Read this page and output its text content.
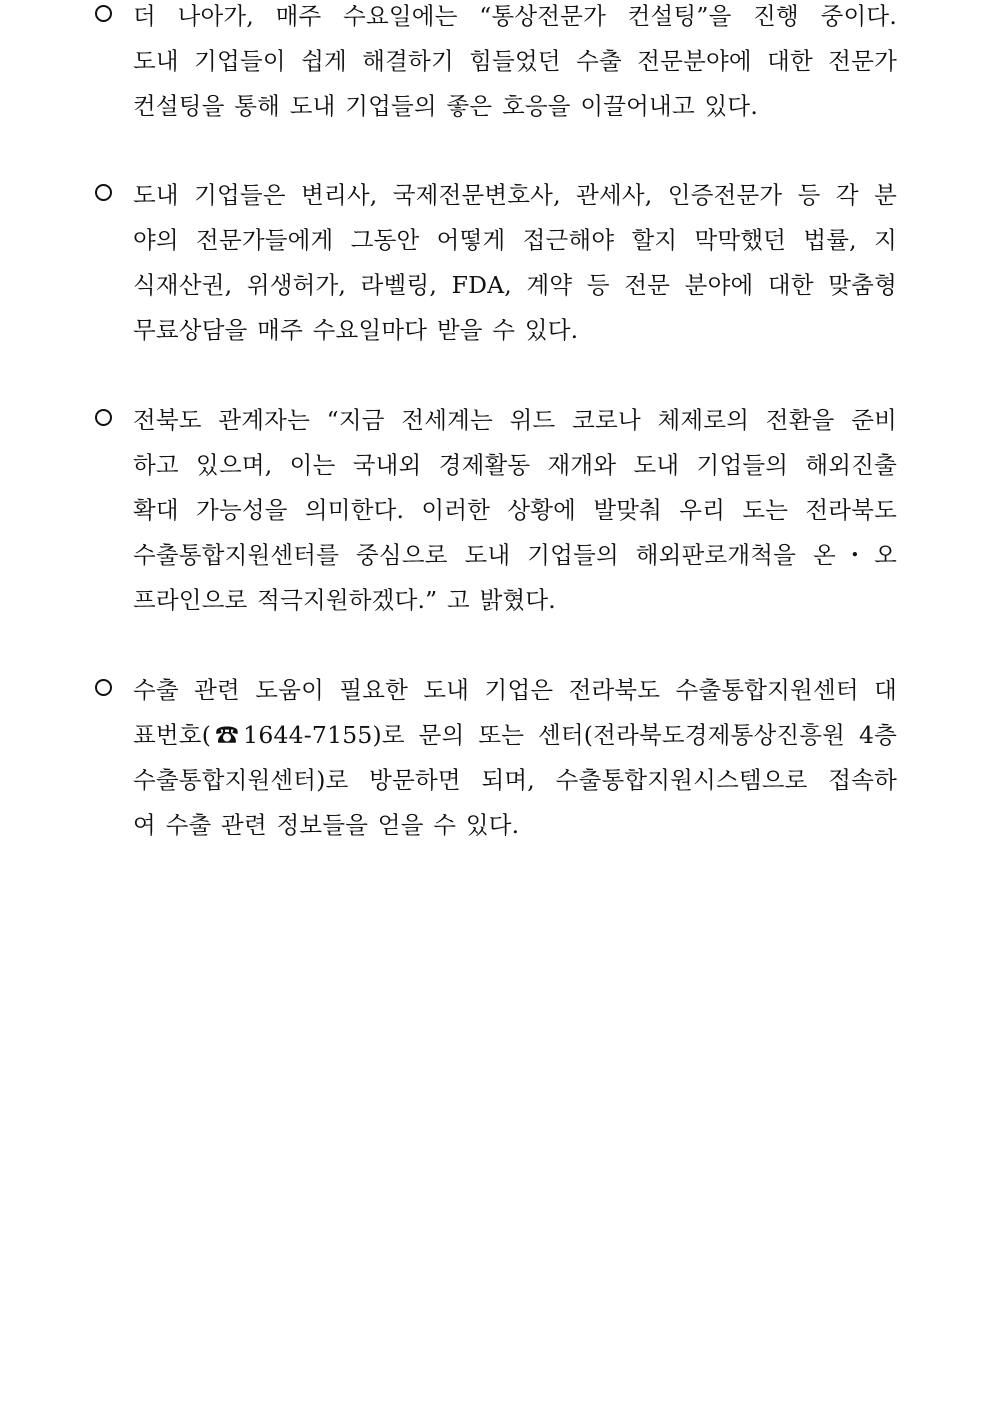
더 나아가, 매주 수요일에는 “통상전문가 컨설팅”을 진행 중이다.
도내 기업들이 쉽게 해결하기 힘들었던 수출 전문분야에 대한 전문가
컨설팅을 통해 도내 기업들의 좋은 호응을 이끌어내고 있다.
도내 기업들은 변리사, 국제전문변호사, 관세사, 인증전문가 등 각 분
야의 전문가들에게 그동안 어떻게 접근해야 할지 막막했던 법률, 지
식재산권, 위생허가, 라벨링, FDA, 계약 등 전문 분야에 대한 맞춤형
무료상담을 매주 수요일마다 받을 수 있다.
전북도 관계자는 “지금 전세계는 위드 코로나 체제로의 전환을 준비
하고 있으며, 이는 국내외 경제활동 재개와 도내 기업들의 해외진출
확대 가능성을 의미한다. 이러한 상황에 발맞춰 우리 도는 전라북도
수출통합지원센터를 중심으로 도내 기업들의 해외판로개척을 온・오
프라인으로 적극지원하겠다.” 고 밝혔다.
수출 관련 도움이 필요한 도내 기업은 전라북도 수출통합지원센터 대
표번호(☎1644-7155)로 문의 또는 센터(전라북도경제통상진흥원 4층
수출통합지원센터)로 방문하면 되며, 수출통합지원시스템으로 접속하
여 수출 관련 정보들을 얻을 수 있다.
